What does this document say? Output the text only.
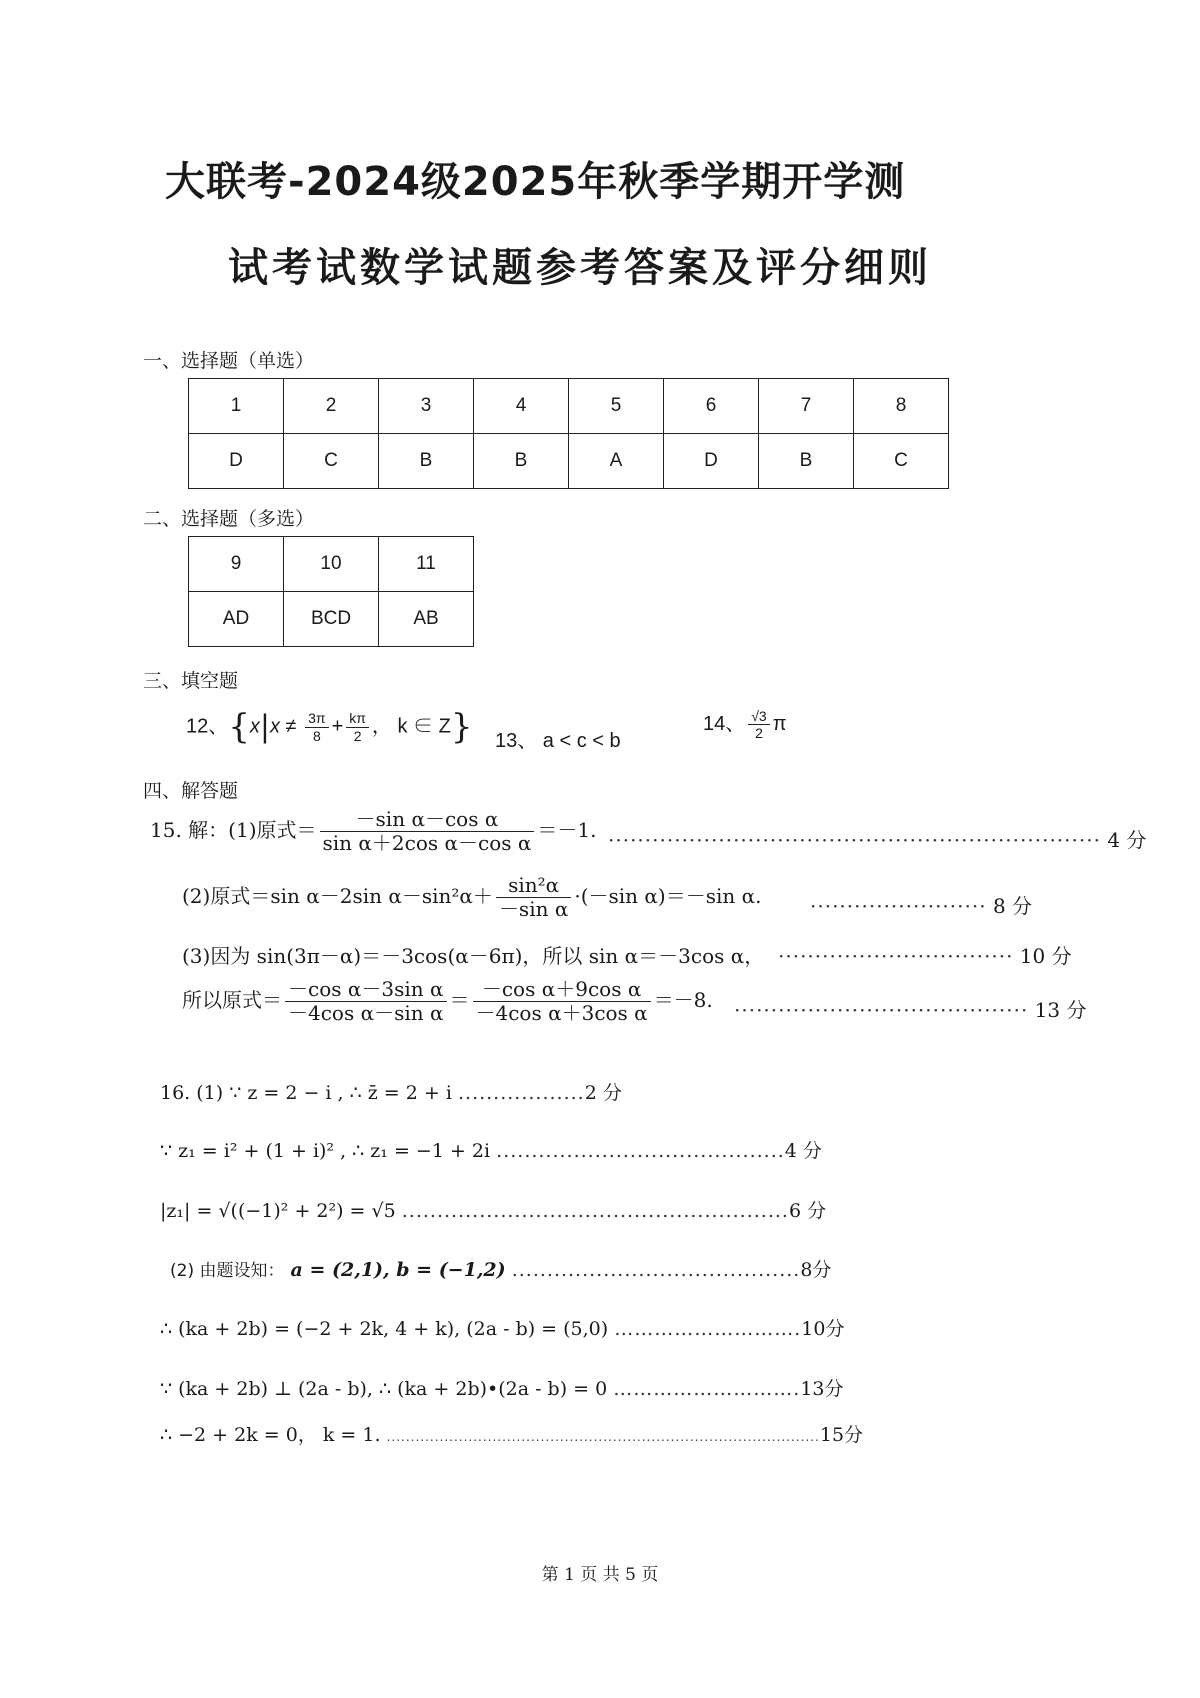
大联考-2024级2025年秋季学期开学测
试考试数学试题参考答案及评分细则
一、选择题（单选）
1	2	3	4	5	6	7	8
D	C	B	B	A	D	B	C
二、选择题（多选）
9	10	11
AD	BCD	AB
三、填空题
12、{$x|x \ne \frac{3\pi}{8} + \frac{k\pi}{2}$ ， k ∈ Z} 13、 a < c < b
14、 $\frac{√3}{2}$ π
四、解答题
15. 解：(1)原式＝ $\frac{\text{－sin α－cos α}}{\text{sin α＋2cos α－cos α}} =-1$. ··································································· 4 分
(2)原式＝sin α－2sin $\alpha-\sin^2\alpha+ \frac{\text{sin²α}}{\text{－sin α}} \cdot(-\sin$ α)＝－sin α. ························ 8 分
(3)因为 sin(3π－α)＝－3cos(α－6π)，所以 sin α＝－3cos α， ································ 10 分
所以原式＝ $\frac{\text{－cos α－3sin α}}{\text{－4cos α－sin α}} = \frac{\text{－cos α＋9cos α}}{\text{－4cos α＋3cos α}} =-8$. ········································ 13 分
16. (1) ∵ z = 2 − i , ∴ z̄ = 2 + i ..................2 分
∵ z₁ = i² + (1 + i)² , ∴ z₁ = −1 + 2i .........................................4 分
|z₁| = √((−1)² + 2²) = √5 .......................................................6 分
(2) 由题设知： a = (2,1), b = (−1,2) .........................................8分
∴ (ka + 2b) = (−2 + 2k, 4 + k), (2a - b) = (5,0) ……………………….10分
∵ (ka + 2b) ⊥ (2a - b), ∴ (ka + 2b)•(2a - b) = 0 ……………………….13分
∴ −2 + 2k = 0， k = 1. ..........................................................................................15分
第 1 页 共 5 页
